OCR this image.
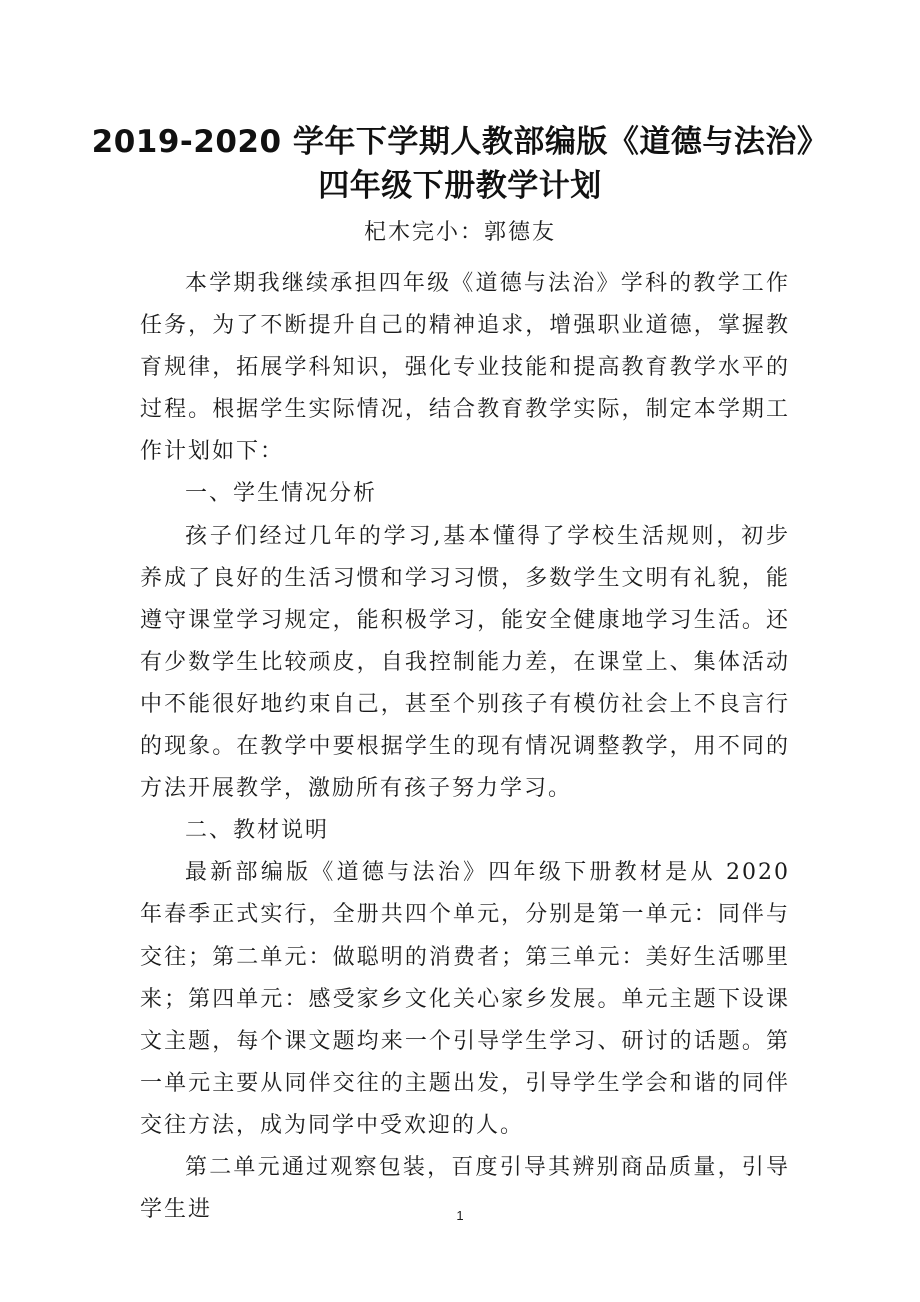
2019-2020 学年下学期人教部编版《道德与法治》
四年级下册教学计划
杞木完小：郭德友

本学期我继续承担四年级《道德与法治》学科的教学工作任务，为了不断提升自己的精神追求，增强职业道德，掌握教育规律，拓展学科知识，强化专业技能和提高教育教学水平的过程。根据学生实际情况，结合教育教学实际，制定本学期工作计划如下：

一、学生情况分析

孩子们经过几年的学习,基本懂得了学校生活规则，初步养成了良好的生活习惯和学习习惯，多数学生文明有礼貌，能遵守课堂学习规定，能积极学习，能安全健康地学习生活。还有少数学生比较顽皮，自我控制能力差，在课堂上、集体活动中不能很好地约束自己，甚至个别孩子有模仿社会上不良言行的现象。在教学中要根据学生的现有情况调整教学，用不同的方法开展教学，激励所有孩子努力学习。

二、教材说明

最新部编版《道德与法治》四年级下册教材是从 2020 年春季正式实行，全册共四个单元，分别是第一单元：同伴与交往；第二单元：做聪明的消费者；第三单元：美好生活哪里来；第四单元：感受家乡文化关心家乡发展。单元主题下设课文主题，每个课文题均来一个引导学生学习、研讨的话题。第一单元主要从同伴交往的主题出发，引导学生学会和谐的同伴交往方法，成为同学中受欢迎的人。

第二单元通过观察包装，百度引导其辨别商品质量，引导学生进	1
